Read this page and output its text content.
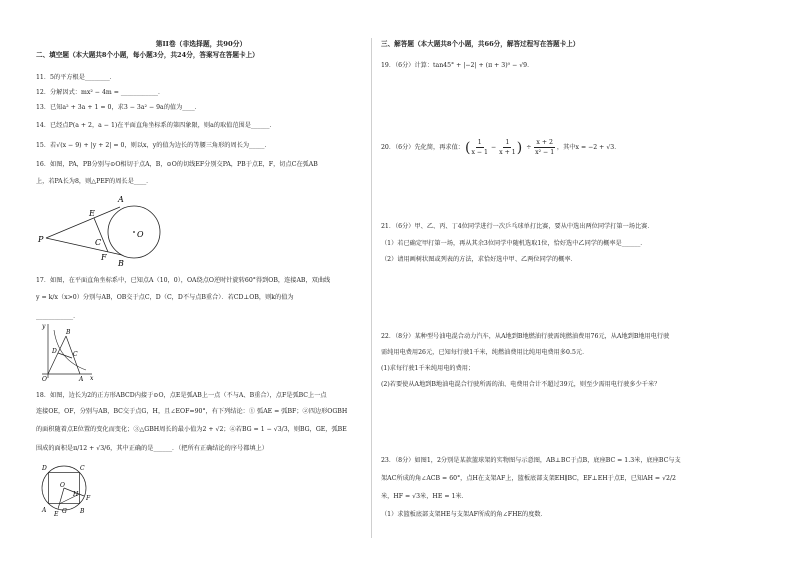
第II卷（非选择题，共90分）
二、填空题（本大题共8个小题，每小题3分，共24分，答案写在答题卡上）
11．5的平方根是________．
12．分解因式：mx² − 4m = ____________．
13．已知a² + 3a + 1 = 0，求3 − 3a² − 9a的值为____．
14．已经点P(a + 2，a − 1)在平面直角坐标系的第四象限，则a的取值范围是______．
15．若√(x − 9) + |y + 2| = 0，则以x，y的值为边长的等腰三角形的周长为_____．
16．如图，PA，PB分别与⊙O相切于点A，B，⊙O的切线EF分别交PA，PB于点E，F，切点C在弧AB
上，若PA长为8，则△PEF的周长是____．
P
A
B
C
E
F
O
17．如图，在平面直角坐标系中，已知点A（10，0），OA绕点O逆时针旋转60°得到OB，连接AB，双曲线
y = k/x（x>0）分别与AB，OB交于点C，D（C，D不与点B重合）．若CD⊥OB，则k的值为
____________．
y
x
O	A
B
C
D
18．如图，边长为2的正方形ABCD内接于⊙O，点E是弧AB上一点（不与A、B重合），点F是弧BC上一点
连接OE，OF，分别与AB，BC交于点G，H，且∠EOF=90°，有下列结论：① 弧AE = 弧BF；②四边形OGBH
的面积随着点E位置的变化而变化；③△GBH周长的最小值为2 + √2；④若BG = 1 − √3/3，则BG，GE，弧BE
围成的面积是π/12 + √3/6，其中正确的是______．（把所有正确结论的序号都填上）
D	C
A	B
O
E G
F
H
三、解答题（本大题共8个小题，共66分，解答过程写在答题卡上）
19．（6分）计算：tan45° + |−2| + (π + 3)⁰ − √9．
20．（6分）先化简，再求值： ( $\frac{1}{x - 1} - \frac{1}{x + 1}$ ) ÷ $\frac{x + 2}{\text{x² − 1}}$ ，其中x = −2 + √3．
21．（6分）甲、乙、丙、丁4位同学进行一次乒乓球单打比赛，要从中选出两位同学打第一场比赛．
（1）若已确定甲打第一场，再从其余3位同学中随机选取1位，恰好选中乙同学的概率是______．
（2）请用画树状图或列表的方法，求恰好选中甲、乙两位同学的概率．
22．（8分）某种型号油电混合动力汽车，从A地到B地燃油行驶需纯燃油费用76元，从A地到B地用电行驶
需纯用电费用26元，已知每行驶1千米，纯燃油费用比纯用电费用多0.5元．
(1)求每行驶1千米纯用电的费用；
(2)若要使从A地到B地油电混合行驶所需的油、电费用合计不超过39元，则至少需用电行驶多少千米？
23．（8分）如图1，2分别是某款篮球架的实物图与示意图，AB⊥BC于点B，底座BC = 1.3米，底座BC与支
架AC所成的角∠ACB = 60°，点H在支架AF上，篮板底部支架EH∥BC，EF⊥EH于点E，已知AH = √2/2
米，HF = √3米，HE = 1米．
（1）求篮板底部支架HE与支架AF所成的角∠FHE的度数．
